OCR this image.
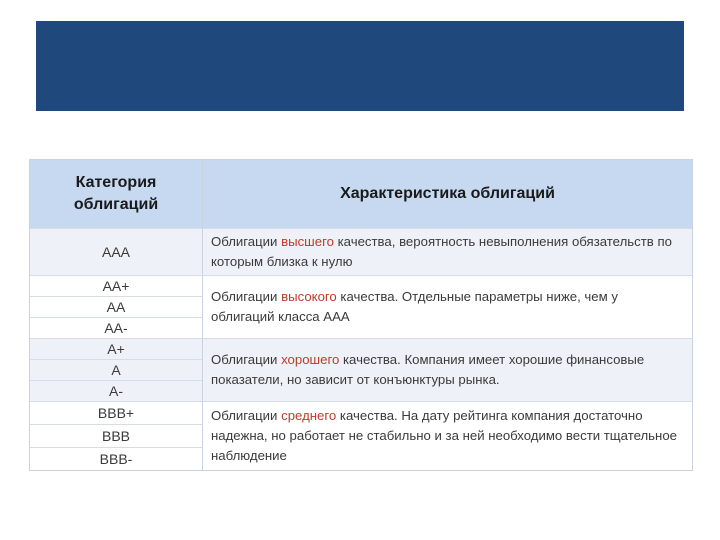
Категория облигаций
AAA
AA+
AA
AA-
A+
A
A-
BBB+
BBB
BBB-
Характеристика облигаций
Облигации высшего качества, вероятность невыполнения обязательств по которым близка к нулю
Облигации высокого качества. Отдельные параметры ниже, чем у облигаций класса ААА
Облигации хорошего качества. Компания имеет хорошие финансовые показатели, но зависит от конъюнктуры рынка.
Облигации среднего качества. На дату рейтинга компания достаточно надежна, но работает не стабильно и за ней необходимо вести тщательное наблюдение
